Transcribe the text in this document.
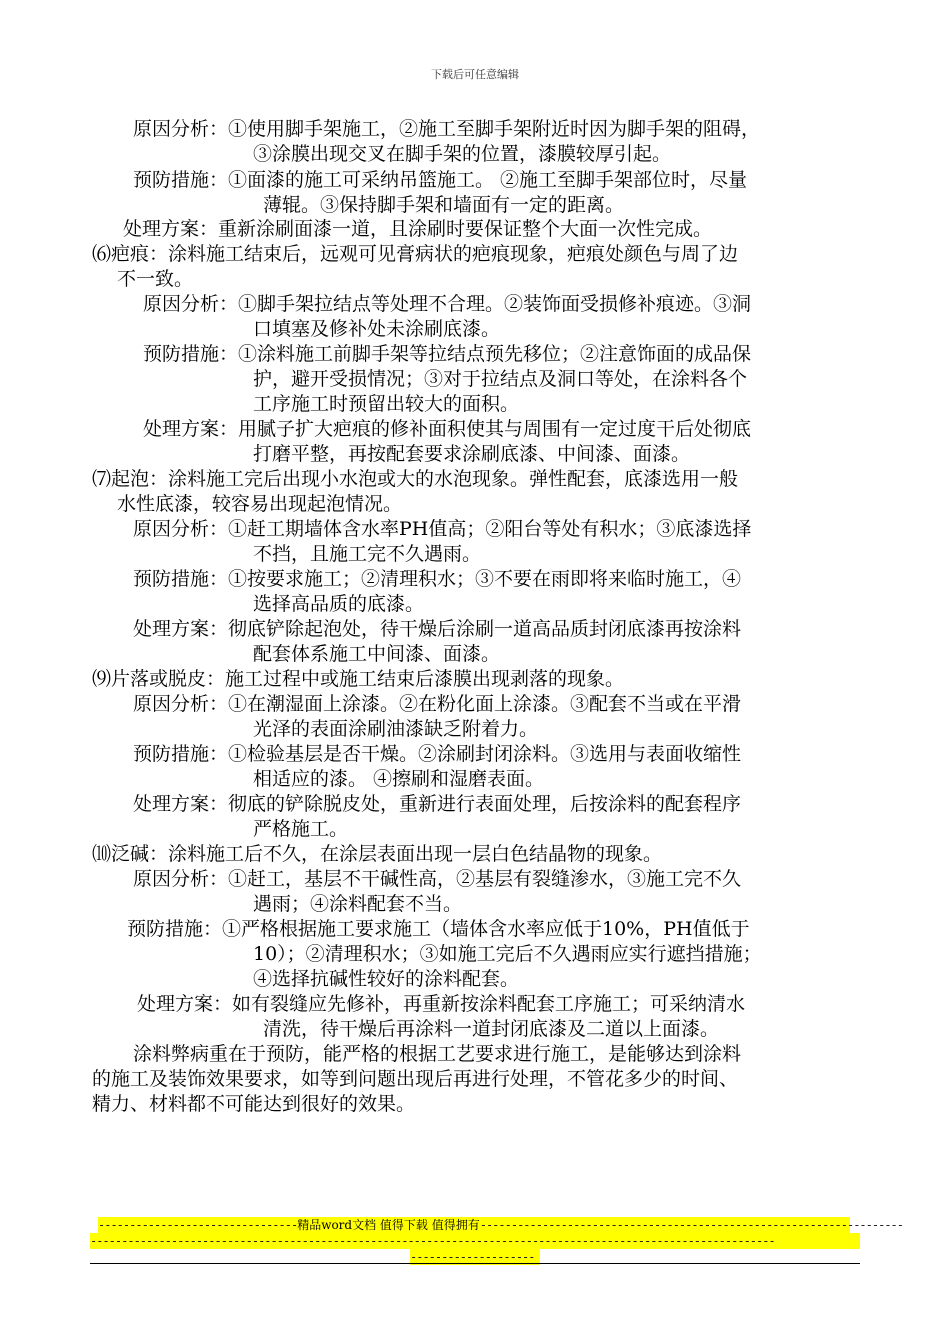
下载后可任意编辑
原因分析：①使用脚手架施工，②施工至脚手架附近时因为脚手架的阻碍，
③涂膜出现交叉在脚手架的位置，漆膜较厚引起。
预防措施：①面漆的施工可采纳吊篮施工。 ②施工至脚手架部位时，尽量
薄辊。③保持脚手架和墙面有一定的距离。
处理方案：重新涂刷面漆一道，且涂刷时要保证整个大面一次性完成。
⑹疤痕：涂料施工结束后，远观可见膏病状的疤痕现象，疤痕处颜色与周了边
不一致。
原因分析：①脚手架拉结点等处理不合理。②装饰面受损修补痕迹。③洞
口填塞及修补处未涂刷底漆。
预防措施：①涂料施工前脚手架等拉结点预先移位；②注意饰面的成品保
护，避开受损情况；③对于拉结点及洞口等处，在涂料各个
工序施工时预留出较大的面积。
处理方案：用腻子扩大疤痕的修补面积使其与周围有一定过度干后处彻底
打磨平整，再按配套要求涂刷底漆、中间漆、面漆。
⑺起泡：涂料施工完后出现小水泡或大的水泡现象。弹性配套，底漆选用一般
水性底漆，较容易出现起泡情况。
原因分析：①赶工期墙体含水率PH值高；②阳台等处有积水；③底漆选择
不挡，且施工完不久遇雨。
预防措施：①按要求施工；②清理积水；③不要在雨即将来临时施工，④
选择高品质的底漆。
处理方案：彻底铲除起泡处，待干燥后涂刷一道高品质封闭底漆再按涂料
配套体系施工中间漆、面漆。
⑼片落或脱皮：施工过程中或施工结束后漆膜出现剥落的现象。
原因分析：①在潮湿面上涂漆。②在粉化面上涂漆。③配套不当或在平滑
光泽的表面涂刷油漆缺乏附着力。
预防措施：①检验基层是否干燥。②涂刷封闭涂料。③选用与表面收缩性
相适应的漆。 ④擦刷和湿磨表面。
处理方案：彻底的铲除脱皮处，重新进行表面处理，后按涂料的配套程序
严格施工。
⑽泛碱：涂料施工后不久，在涂层表面出现一层白色结晶物的现象。
原因分析：①赶工，基层不干碱性高，②基层有裂缝渗水，③施工完不久
遇雨；④涂料配套不当。
预防措施：①严格根据施工要求施工（墙体含水率应低于10%，PH值低于
10）；②清理积水；③如施工完后不久遇雨应实行遮挡措施；
④选择抗碱性较好的涂料配套。
处理方案：如有裂缝应先修补，再重新按涂料配套工序施工；可采纳清水
清洗，待干燥后再涂料一道封闭底漆及二道以上面漆。
涂料弊病重在于预防，能严格的根据工艺要求进行施工，是能够达到涂料
的施工及装饰效果要求，如等到问题出现后再进行处理，不管花多少的时间、
精力、材料都不可能达到很好的效果。
--------------------------------精品word文档 值得下载 值得拥有--------------------------------------------------------------------
--------------------------------------------------------------------------------------------------------------
--------------------
